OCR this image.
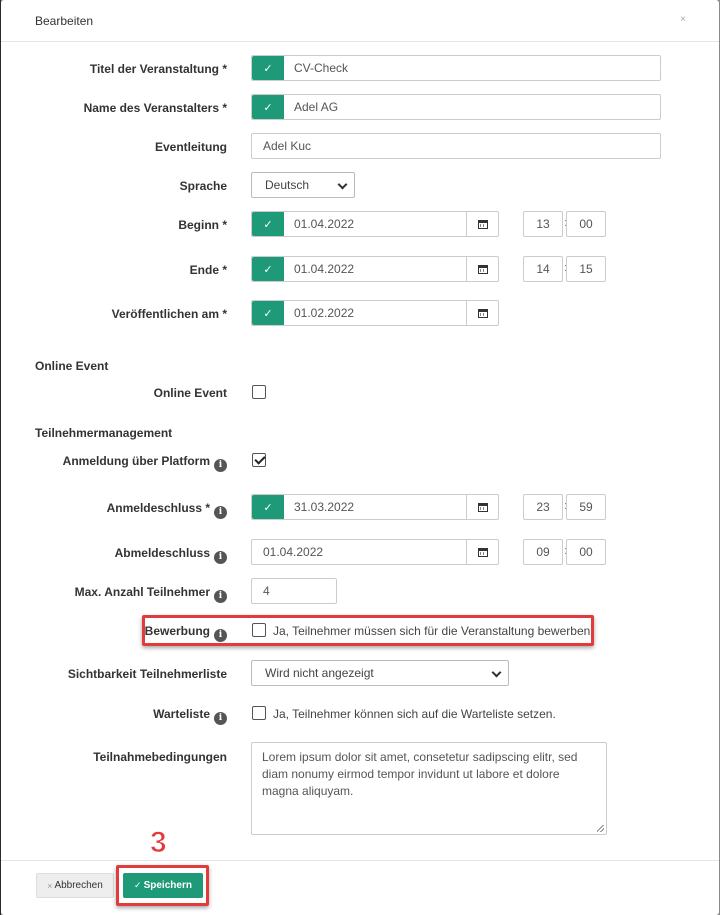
Bearbeiten	×
Titel der Veranstaltung *	✓	CV-Check
Name des Veranstalters *	✓	Adel AG
Eventleitung	Adel Kuc
Sprache	Deutsch
Beginn *	✓	01.04.2022	13	:	00
Ende *	✓	01.04.2022	14	:	15
Veröffentlichen am *	✓	01.02.2022
Online Event
Online Event
Teilnehmermanagement
Anmeldung über Platform i
Anmeldeschluss * i	✓	31.03.2022	23	:	59
Abmeldeschluss i	01.04.2022	09	:	00
Max. Anzahl Teilnehmer i	4
Bewerbung i	Ja, Teilnehmer müssen sich für die Veranstaltung bewerben
Sichtbarkeit Teilnehmerliste	Wird nicht angezeigt
Warteliste i	Ja, Teilnehmer können sich auf die Warteliste setzen.
Teilnahmebedingungen	Lorem ipsum dolor sit amet, consetetur sadipscing elitr, sed diam nonumy eirmod tempor invidunt ut labore et dolore magna aliquyam.
× Abbrechen	✓ Speichern
3
